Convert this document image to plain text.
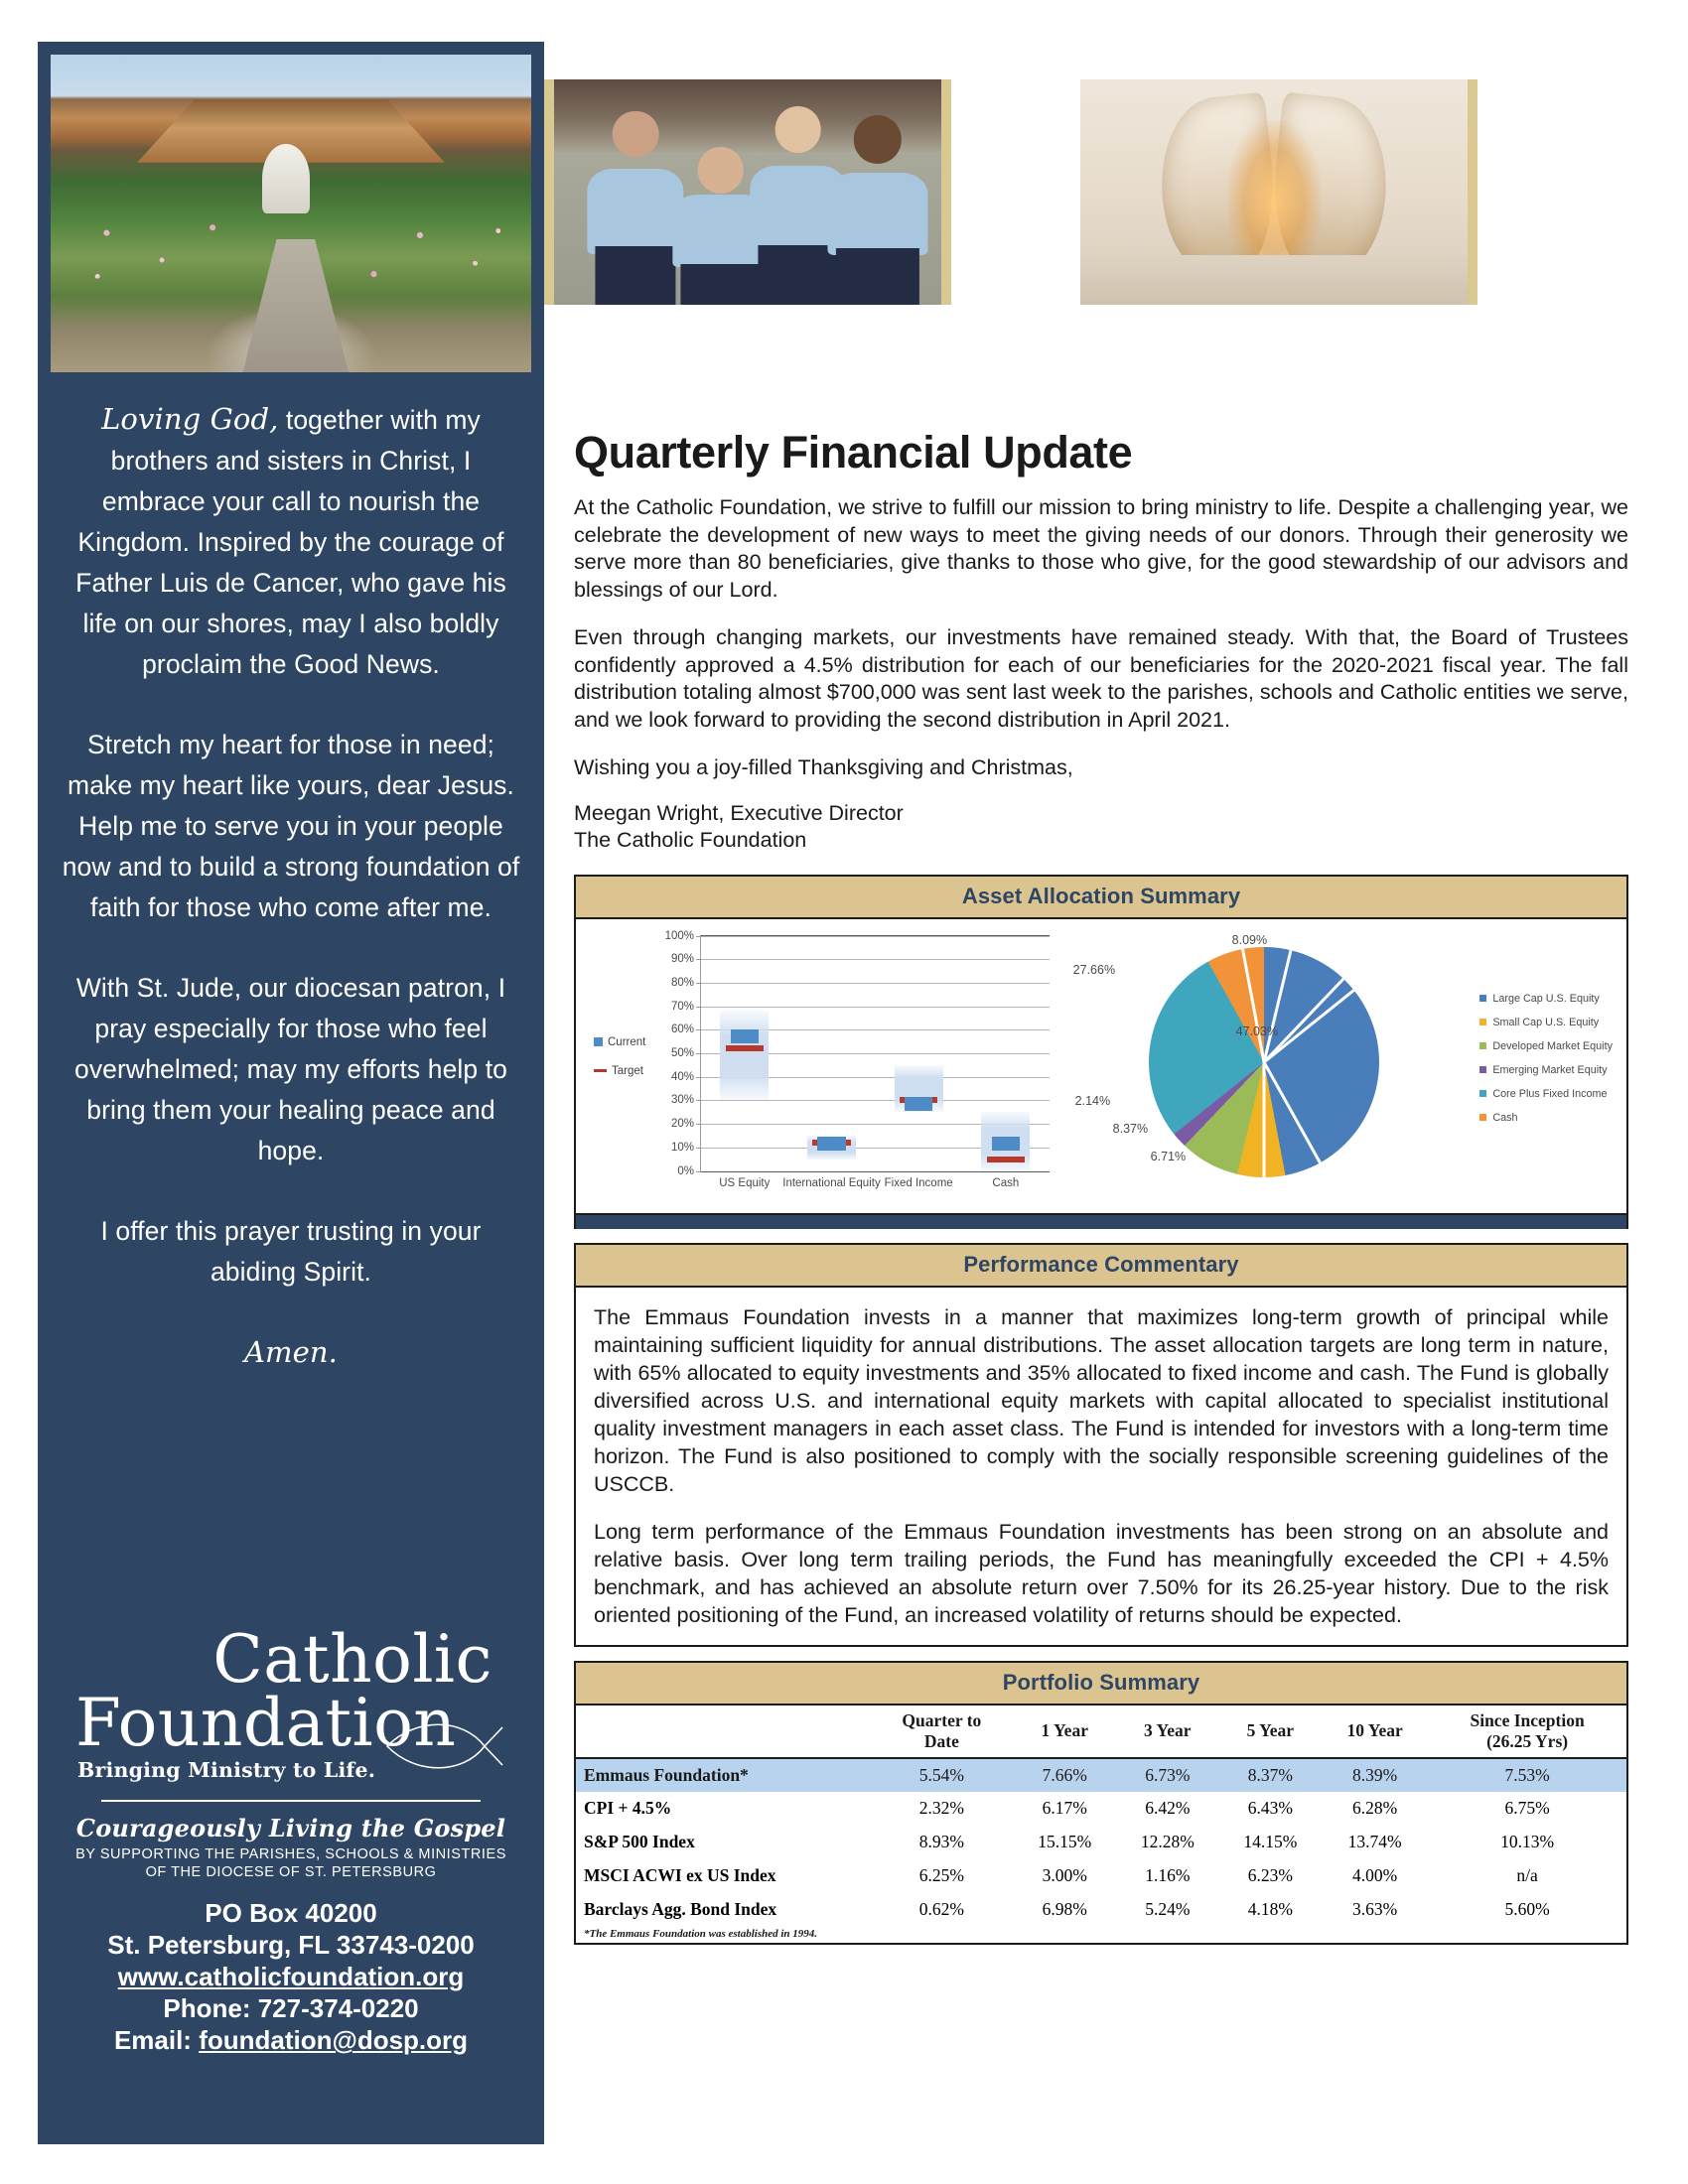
Loving God, together with my brothers and sisters in Christ, I embrace your call to nourish the Kingdom. Inspired by the courage of Father Luis de Cancer, who gave his life on our shores, may I also boldly proclaim the Good News.

Stretch my heart for those in need; make my heart like yours, dear Jesus. Help me to serve you in your people now and to build a strong foundation of faith for those who come after me.

With St. Jude, our diocesan patron, I pray especially for those who feel overwhelmed; may my efforts help to bring them your healing peace and hope.

I offer this prayer trusting in your abiding Spirit.

Amen.

Catholic
Foundation
Bringing Ministry to Life.
Courageously Living the Gospel
BY SUPPORTING THE PARISHES, SCHOOLS & MINISTRIES
OF THE DIOCESE OF ST. PETERSBURG
PO Box 40200
St. Petersburg, FL 33743-0200
www.catholicfoundation.org
Phone: 727-374-0220
Email: foundation@dosp.org
Quarterly Financial Update
At the Catholic Foundation, we strive to fulfill our mission to bring ministry to life. Despite a challenging year, we celebrate the development of new ways to meet the giving needs of our donors. Through their generosity we serve more than 80 beneficiaries, give thanks to those who give, for the good stewardship of our advisors and blessings of our Lord.
Even through changing markets, our investments have remained steady. With that, the Board of Trustees confidently approved a 4.5% distribution for each of our beneficiaries for the 2020-2021 fiscal year. The fall distribution totaling almost $700,000 was sent last week to the parishes, schools and Catholic entities we serve, and we look forward to providing the second distribution in April 2021.
Wishing you a joy-filled Thanksgiving and Christmas,
Meegan Wright, Executive Director
The Catholic Foundation
Asset Allocation Summary
Current
Target
0%
10%
20%
30%
40%
50%
60%
70%
80%
90%
100%
US Equity	International Equity Fixed Income	Cash
47.03%
6.71%
8.37%
2.14%
27.66%
8.09%
Large Cap U.S. Equity
Small Cap U.S. Equity
Developed Market Equity
Emerging Market Equity
Core Plus Fixed Income
Cash
Performance Commentary

The Emmaus Foundation invests in a manner that maximizes long-term growth of principal while maintaining sufficient liquidity for annual distributions. The asset allocation targets are long term in nature, with 65% allocated to equity investments and 35% allocated to fixed income and cash. The Fund is globally diversified across U.S. and international equity markets with capital allocated to specialist institutional quality investment managers in each asset class. The Fund is intended for investors with a long-term time horizon. The Fund is also positioned to comply with the socially responsible screening guidelines of the USCCB.

Long term performance of the Emmaus Foundation investments has been strong on an absolute and relative basis. Over long term trailing periods, the Fund has meaningfully exceeded the CPI + 4.5% benchmark, and has achieved an absolute return over 7.50% for its 26.25-year history. Due to the risk oriented positioning of the Fund, an increased volatility of returns should be expected.

Portfolio Summary
	Quarter to
Date	1 Year	3 Year	5 Year	10 Year	Since Inception
(26.25 Yrs)
Emmaus Foundation*	5.54%	7.66%	6.73%	8.37%	8.39%	7.53%
CPI + 4.5%	2.32%	6.17%	6.42%	6.43%	6.28%	6.75%
S&P 500 Index	8.93%	15.15%	12.28%	14.15%	13.74%	10.13%
MSCI ACWI ex US Index	6.25%	3.00%	1.16%	6.23%	4.00%	n/a
Barclays Agg. Bond Index	0.62%	6.98%	5.24%	4.18%	3.63%	5.60%
*The Emmaus Foundation was established in 1994.
